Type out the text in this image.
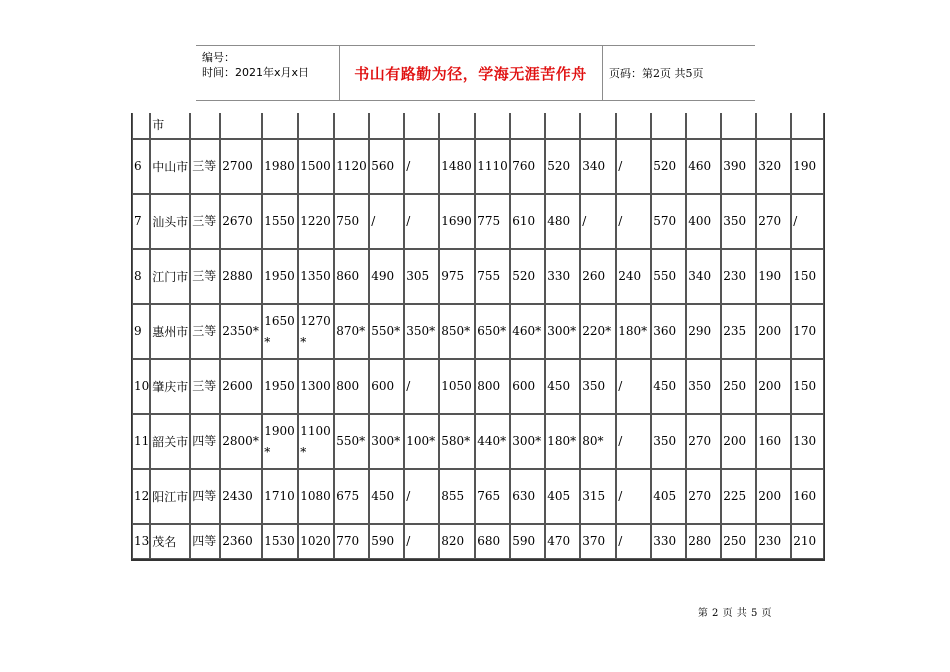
编号：
时间：2021年x月x日	书山有路勤为径，学海无涯苦作舟	页码：第2页 共5页
	市																		
6	中山市	三等	2700	1980	1500	1120	560	/	1480	1110	760	520	340	/	520	460	390	320	190
7	汕头市	三等	2670	1550	1220	750	/	/	1690	775	610	480	/	/	570	400	350	270	/
8	江门市	三等	2880	1950	1350	860	490	305	975	755	520	330	260	240	550	340	230	190	150
9	惠州市	三等	2350*	1650*	1270*	870*	550*	350*	850*	650*	460*	300*	220*	180*	360	290	235	200	170
10	肇庆市	三等	2600	1950	1300	800	600	/	1050	800	600	450	350	/	450	350	250	200	150
11	韶关市	四等	2800*	1900*	1100*	550*	300*	100*	580*	440*	300*	180*	80*	/	350	270	200	160	130
12	阳江市	四等	2430	1710	1080	675	450	/	855	765	630	405	315	/	405	270	225	200	160
13	茂名	四等	2360	1530	1020	770	590	/	820	680	590	470	370	/	330	280	250	230	210
第 2 页 共 5 页
